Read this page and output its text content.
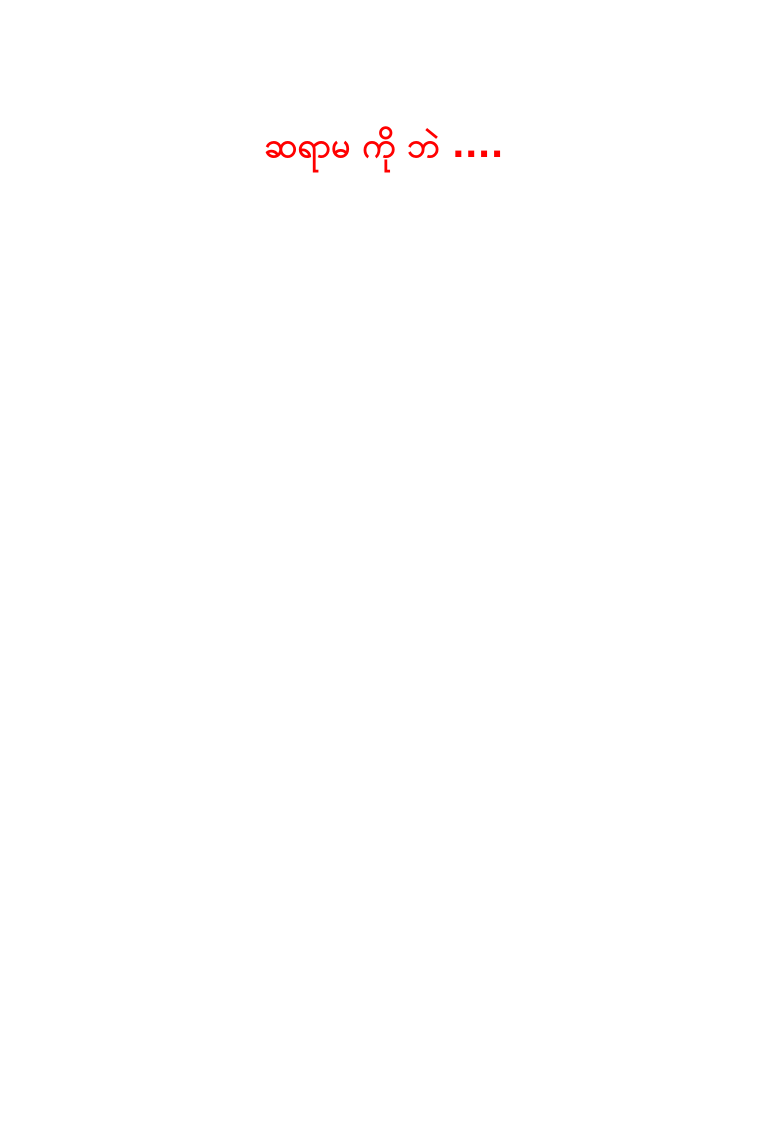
ဆရာမ ကို ဘဲ ....
